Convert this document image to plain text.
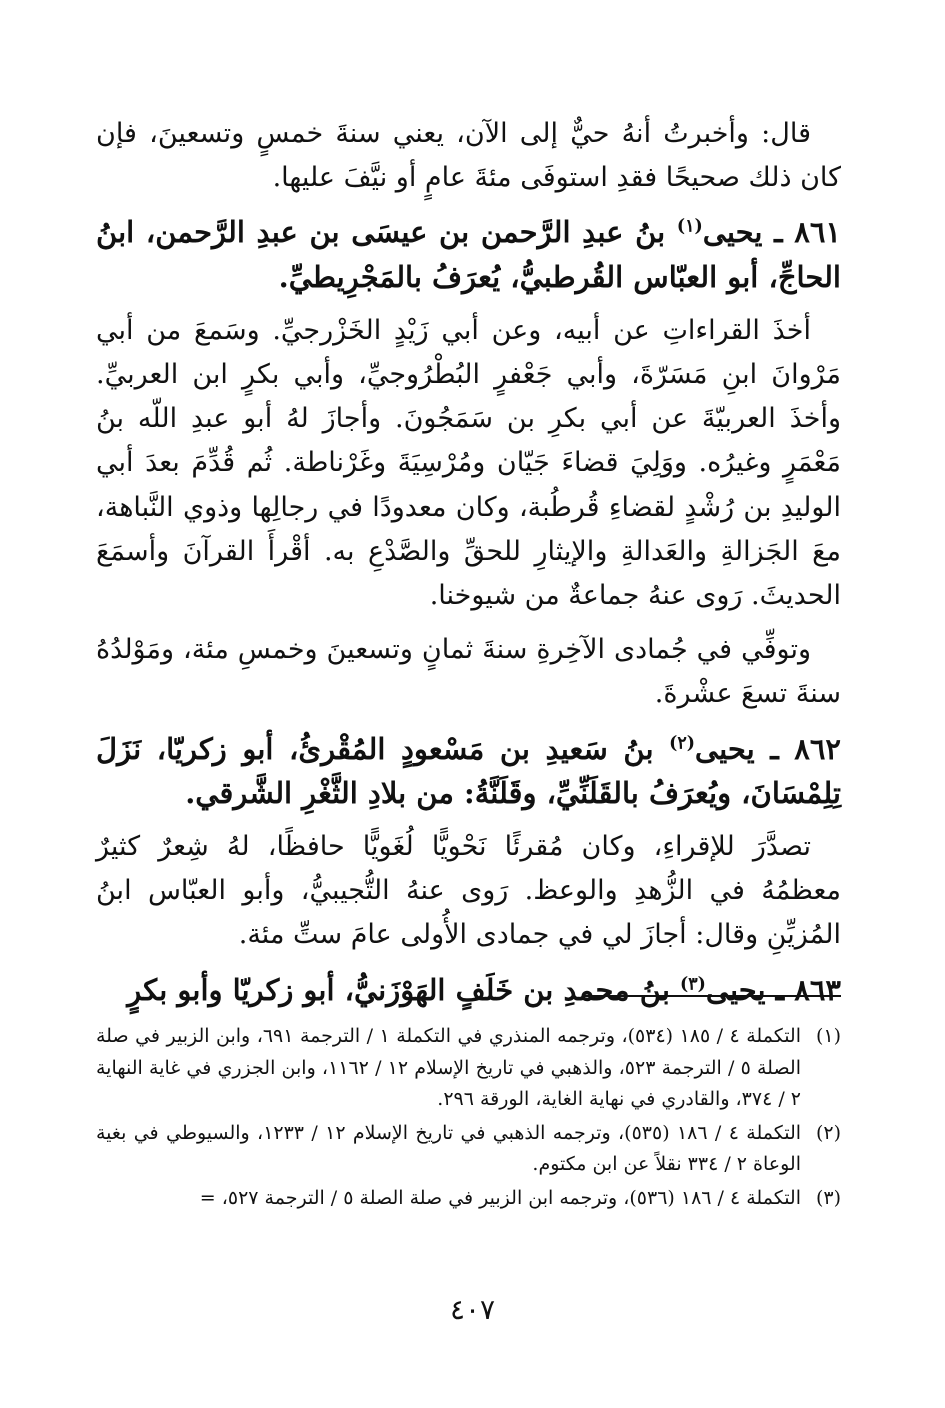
قال: وأخبرتُ أنهُ حيٌّ إلى الآن، يعني سنةَ خمسٍ وتسعينَ، فإن كان ذلك صحيحًا فقدِ استوفَى مئةَ عامٍ أو نيَّفَ عليها.

٨٦١ ـ يحيى$^{(١)}$ بنُ عبدِ الرَّحمن بن عيسَى بن عبدِ الرَّحمن، ابنُ الحاجِّ، أبو العبّاس القُرطبيُّ، يُعرَفُ بالمَجْرِيطيِّ.

أخذَ القراءاتِ عن أبيه، وعن أبي زَيْدٍ الخَزْرجيِّ. وسَمعَ من أبي مَرْوانَ ابنِ مَسَرّةَ، وأبي جَعْفرٍ البُطْرُوجيِّ، وأبي بكرٍ ابن العربيِّ. وأخذَ العربيّةَ عن أبي بكرِ بن سَمَجُونَ. وأجازَ لهُ أبو عبدِ اللّه بنُ مَعْمَرٍ وغيرُه. ووَلِيَ قضاءَ جَيّان ومُرْسِيَةَ وغَرْناطة. ثُم قُدِّمَ بعدَ أبي الوليدِ بن رُشْدٍ لقضاءِ قُرطُبة، وكان معدودًا في رجالِها وذوي النَّباهة، معَ الجَزالةِ والعَدالةِ والإيثارِ للحقِّ والصَّدْعِ به. أقْرأَ القرآنَ وأسمَعَ الحديثَ. رَوى عنهُ جماعةٌ من شيوخنا.

وتوفِّي في جُمادى الآخِرةِ سنةَ ثمانٍ وتسعينَ وخمسِ مئة، ومَوْلدُهُ سنةَ تسعَ عشْرةَ.

٨٦٢ ـ يحيى$^{(٢)}$ بنُ سَعيدِ بن مَسْعودٍ المُقْرئُ، أبو زكريّا، نَزَلَ تِلِمْسَانَ، ويُعرَفُ بالقَلَنِّيِّ، وقَلَنَّةُ: من بلادِ الثَّغْرِ الشَّرقي.

تصدَّرَ للإقراءِ، وكان مُقرئًا نَحْويًّا لُغَويًّا حافظًا، لهُ شِعرٌ كثيرٌ معظمُهُ في الزُّهدِ والوعظ. رَوى عنهُ التُّجيبيُّ، وأبو العبّاس ابنُ المُزيِّنِ وقال: أجازَ لي في جمادى الأُولى عامَ ستِّ مئة.

٨٦٣ ـ يحيى$^{(٣)}$ بنُ محمدِ بن خَلَفٍ الهَوْزَنيُّ، أبو زكريّا وأبو بكرٍ

(١)
التكملة ٤ / ١٨٥ (٥٣٤)، وترجمه المنذري في التكملة ١ / الترجمة ٦٩١، وابن الزبير في صلة الصلة ٥ / الترجمة ٥٢٣، والذهبي في تاريخ الإسلام ١٢ / ١١٦٢، وابن الجزري في غاية النهاية ٢ / ٣٧٤، والقادري في نهاية الغاية، الورقة ٢٩٦.
(٢)
التكملة ٤ / ١٨٦ (٥٣٥)، وترجمه الذهبي في تاريخ الإسلام ١٢ / ١٢٣٣، والسيوطي في بغية الوعاة ٢ / ٣٣٤ نقلاً عن ابن مكتوم.
(٣)
التكملة ٤ / ١٨٦ (٥٣٦)، وترجمه ابن الزبير في صلة الصلة ٥ / الترجمة ٥٢٧، =
٤٠٧
